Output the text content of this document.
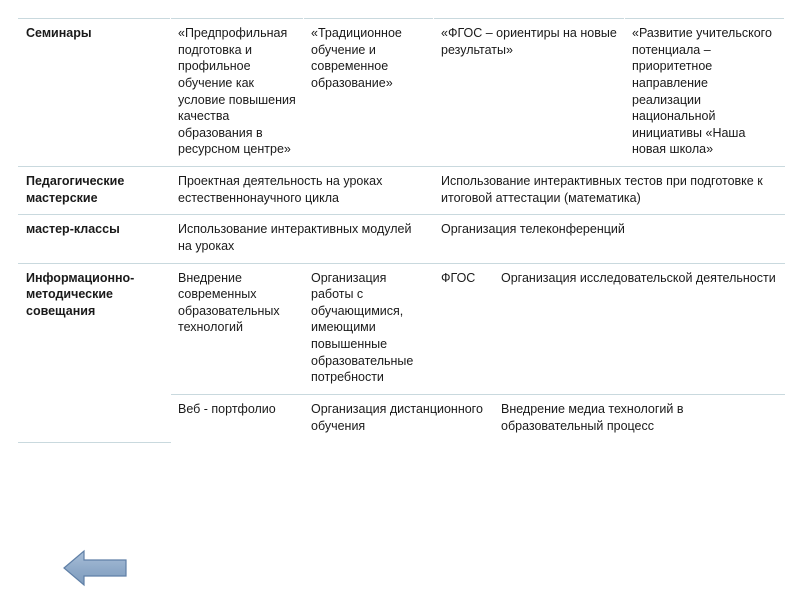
Семинары	«Предпрофильная подготовка и профильное обучение как условие повышения качества образования в ресурсном центре»	«Традиционное обучение и современное образование»	«ФГОС – ориентиры на новые результаты»		«Развитие учительского потенциала – приоритетное направление реализации национальной инициативы «Наша новая школа»
Педагогические мастерские	Проектная деятельность на уроках естественнонаучного цикла		Использование интерактивных тестов при подготовке к итоговой аттестации (математика)		
мастер-классы	Использование интерактивных модулей на уроках		Организация телеконференций		
Информационно-методические совещания	Внедрение современных образовательных технологий	Организация работы с обучающимися, имеющими повышенные образовательные потребности	ФГОС	Организация исследовательской деятельности	
	Веб - портфолио	Организация дистанционного обучения		Внедрение медиа технологий в образовательный процесс	
